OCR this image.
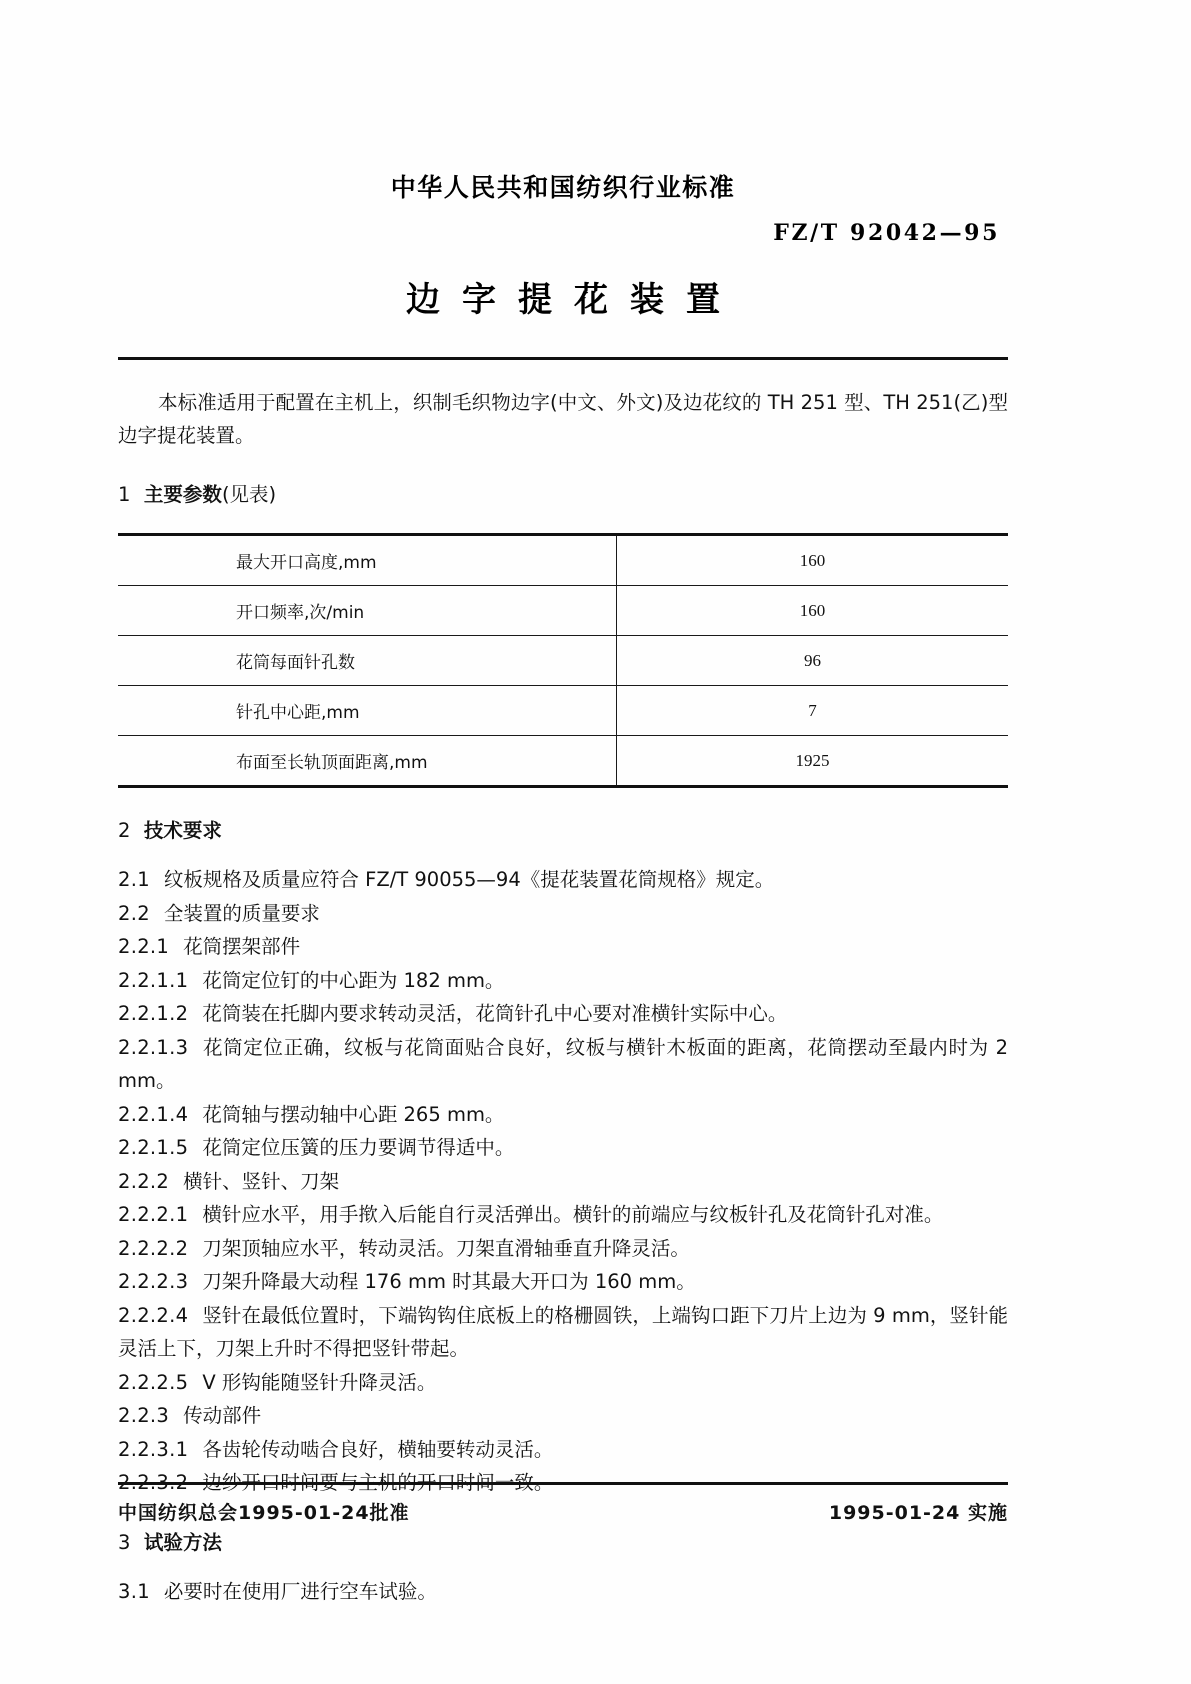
中华人民共和国纺织行业标准
FZ/T 92042—95
边字提花装置
本标准适用于配置在主机上，织制毛织物边字(中文、外文)及边花纹的 TH 251 型、TH 251(乙)型边字提花装置。
1 主要参数(见表)
最大开口高度,mm	160
开口频率,次/min	160
花筒每面针孔数	96
针孔中心距,mm	7
布面至长轨顶面距离,mm	1925
2 技术要求
2.1 纹板规格及质量应符合 FZ/T 90055—94《提花装置花筒规格》规定。
2.2 全装置的质量要求
2.2.1 花筒摆架部件
2.2.1.1 花筒定位钉的中心距为 182 mm。
2.2.1.2 花筒装在托脚内要求转动灵活，花筒针孔中心要对准横针实际中心。
2.2.1.3 花筒定位正确，纹板与花筒面贴合良好，纹板与横针木板面的距离，花筒摆动至最内时为 2 mm。
2.2.1.4 花筒轴与摆动轴中心距 265 mm。
2.2.1.5 花筒定位压簧的压力要调节得适中。
2.2.2 横针、竖针、刀架
2.2.2.1 横针应水平，用手揿入后能自行灵活弹出。横针的前端应与纹板针孔及花筒针孔对准。
2.2.2.2 刀架顶轴应水平，转动灵活。刀架直滑轴垂直升降灵活。
2.2.2.3 刀架升降最大动程 176 mm 时其最大开口为 160 mm。
2.2.2.4 竖针在最低位置时，下端钩钩住底板上的格栅圆铁，上端钩口距下刀片上边为 9 mm，竖针能灵活上下，刀架上升时不得把竖针带起。
2.2.2.5 V 形钩能随竖针升降灵活。
2.2.3 传动部件
2.2.3.1 各齿轮传动啮合良好，横轴要转动灵活。
2.2.3.2 边纱开口时间要与主机的开口时间一致。
3 试验方法
3.1 必要时在使用厂进行空车试验。
中国纺织总会1995-01-24批准	1995-01-24 实施
